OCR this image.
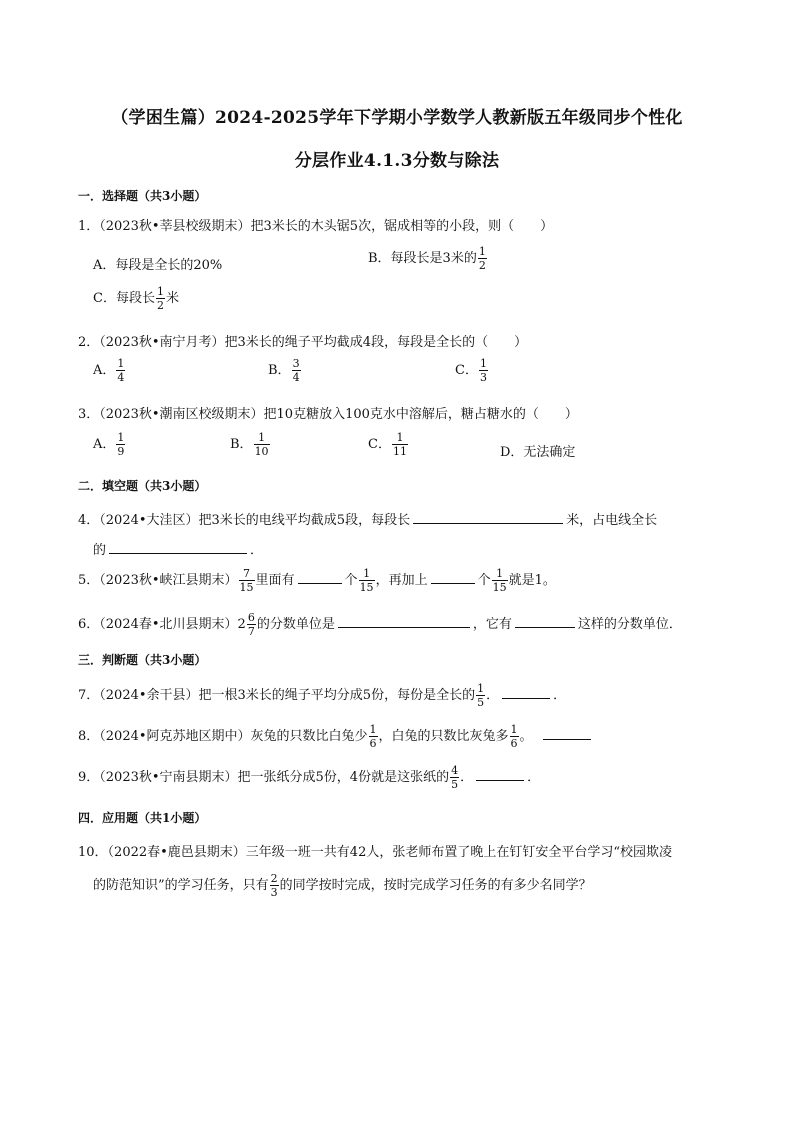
（学困生篇）2024-2025学年下学期小学数学人教新版五年级同步个性化
分层作业4.1.3分数与除法
一．选择题（共3小题）
1．（2023秋•莘县校级期末）把3米长的木头锯5次，锯成相等的小段，则（　　）
A．每段是全长的20%	B．每段长是3米的 $\frac{1}{2}$
C．每段长 $\frac{1}{2}$ 米
2．（2023秋•南宁月考）把3米长的绳子平均截成4段，每段是全长的（　　）
A． $\frac{1}{4}$	B． $\frac{3}{4}$	C． $\frac{1}{3}$
3．（2023秋•潮南区校级期末）把10克糖放入100克水中溶解后，糖占糖水的（　　）
A． $\frac{1}{9}$	B． $\frac{1}{10}$	C． $\frac{1}{11}$	D．无法确定
二．填空题（共3小题）
4．（2024•大洼区）把3米长的电线平均截成5段，每段长	米，占电线全长
的	．
5．（2023秋•峡江县期末） $\frac{7}{15}$ 里面有	个 $\frac{1}{15}$ ，再加上	个 $\frac{1}{15}$ 就是1。
6．（2024春•北川县期末）$2 \frac{6}{7}$ 的分数单位是	，它有	这样的分数单位．
三．判断题（共3小题）
7．（2024•余干县）把一根3米长的绳子平均分成5份，每份是全长的 $\frac{1}{5}$ ．	．
8．（2024•阿克苏地区期中）灰兔的只数比白兔少 $\frac{1}{6}$ ，白兔的只数比灰兔多 $\frac{1}{6}$ 。
9．（2023秋•宁南县期末）把一张纸分成5份，4份就是这张纸的 $\frac{4}{5}$ ．	．
四．应用题（共1小题）
10．（2022春•鹿邑县期末）三年级一班一共有42人，张老师布置了晚上在钉钉安全平台学习“校园欺凌
的防范知识”的学习任务，只有 $\frac{2}{3}$ 的同学按时完成，按时完成学习任务的有多少名同学？
